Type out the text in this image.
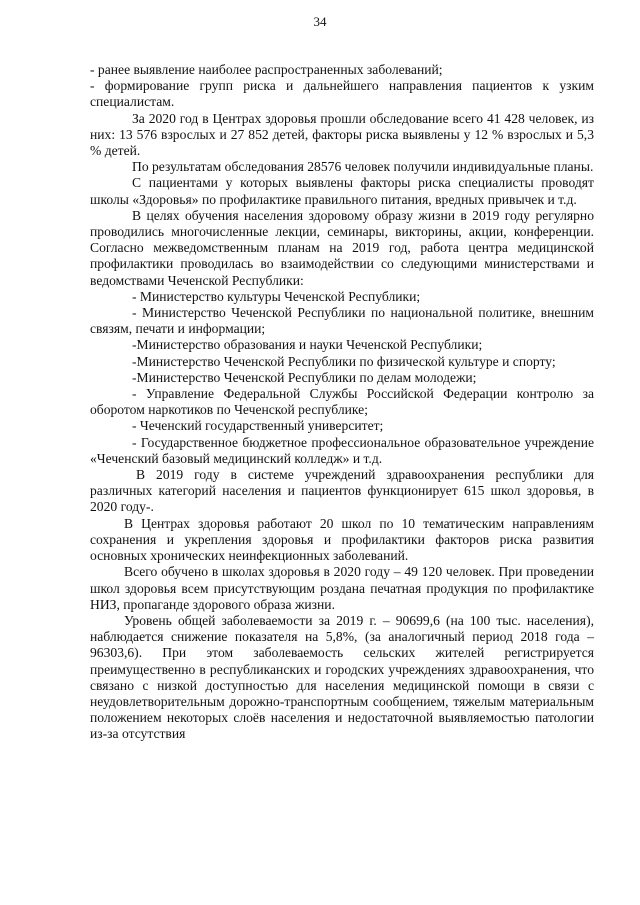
34

- ранее выявление наиболее распространенных заболеваний;

- формирование групп риска и дальнейшего направления пациентов к узким специалистам.

За 2020 год в Центрах здоровья прошли обследование всего 41 428 человек, из них: 13 576 взрослых и 27 852 детей, факторы риска выявлены у 12 % взрослых и 5,3 % детей.

По результатам обследования 28576 человек получили индивидуальные планы.

С пациентами у которых выявлены факторы риска специалисты проводят школы «Здоровья» по профилактике правильного питания, вредных привычек и т.д.

В целях обучения населения здоровому образу жизни в 2019 году регулярно проводились многочисленные лекции, семинары, викторины, акции, конференции. Согласно межведомственным планам на 2019 год, работа центра медицинской профилактики проводилась во взаимодействии со следующими министерствами и ведомствами Чеченской Республики:

- Министерство культуры Чеченской Республики;

- Министерство Чеченской Республики по национальной политике, внешним связям, печати и информации;

-Министерство образования и науки Чеченской Республики;

-Министерство Чеченской Республики по физической культуре и спорту;

-Министерство Чеченской Республики по делам молодежи;

- Управление Федеральной Службы Российской Федерации контролю за оборотом наркотиков по Чеченской республике;

- Чеченский государственный университет;

- Государственное бюджетное профессиональное образовательное учреждение «Чеченский базовый медицинский колледж» и т.д.

В 2019 году в системе учреждений здравоохранения республики для различных категорий населения и пациентов функционирует 615 школ здоровья, в 2020 году-.

В Центрах здоровья работают 20 школ по 10 тематическим направлениям сохранения и укрепления здоровья и профилактики факторов риска развития основных хронических неинфекционных заболеваний.

Всего обучено в школах здоровья в 2020 году – 49 120 человек. При проведении школ здоровья всем присутствующим роздана печатная продукция по профилактике НИЗ, пропаганде здорового образа жизни.

Уровень общей заболеваемости за 2019 г. – 90699,6 (на 100 тыс. населения), наблюдается снижение показателя на 5,8%, (за аналогичный период 2018 года – 96303,6). При этом заболеваемость сельских жителей регистрируется преимущественно в республиканских и городских учреждениях здравоохранения, что связано с низкой доступностью для населения медицинской помощи в связи с неудовлетворительным дорожно-транспортным сообщением, тяжелым материальным положением некоторых слоёв населения и недостаточной выявляемостью патологии из-за отсутствия
